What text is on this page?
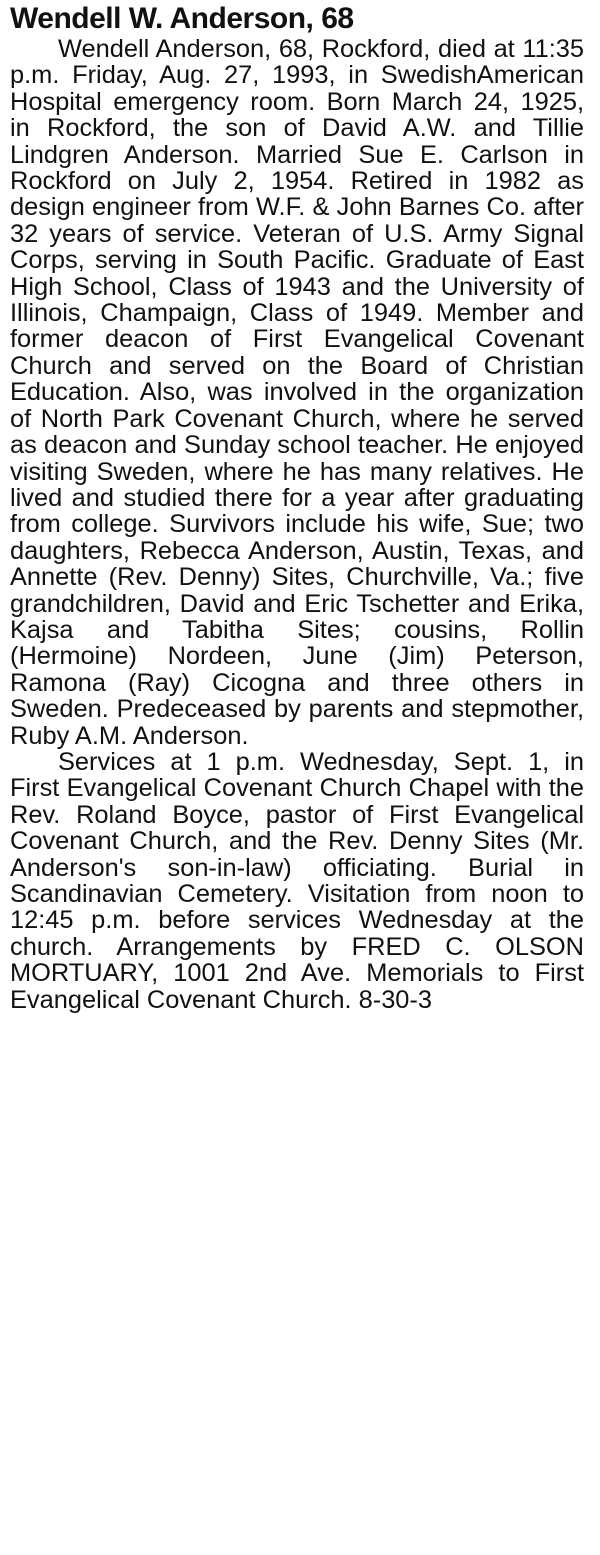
Wendell W. Anderson, 68

Wendell Anderson, 68, Rockford, died at 11:35 p.m. Friday, Aug. 27, 1993, in SwedishAmerican Hospital emergency room. Born March 24, 1925, in Rockford, the son of David A.W. and Tillie Lindgren Anderson. Married Sue E. Carlson in Rockford on July 2, 1954. Retired in 1982 as design engineer from W.F. & John Barnes Co. after 32 years of service. Veteran of U.S. Army Signal Corps, serving in South Pacific. Graduate of East High School, Class of 1943 and the University of Illinois, Champaign, Class of 1949. Member and former deacon of First Evangelical Covenant Church and served on the Board of Christian Education. Also, was involved in the organization of North Park Covenant Church, where he served as deacon and Sunday school teacher. He enjoyed visiting Sweden, where he has many relatives. He lived and studied there for a year after graduating from college. Survivors include his wife, Sue; two daughters, Rebecca Anderson, Austin, Texas, and Annette (Rev. Denny) Sites, Churchville, Va.; five grandchildren, David and Eric Tschetter and Erika, Kajsa and Tabitha Sites; cousins, Rollin (Hermoine) Nordeen, June (Jim) Peterson, Ramona (Ray) Cicogna and three others in Sweden. Predeceased by parents and stepmother, Ruby A.M. Anderson.

Services at 1 p.m. Wednesday, Sept. 1, in First Evangelical Covenant Church Chapel with the Rev. Roland Boyce, pastor of First Evangelical Covenant Church, and the Rev. Denny Sites (Mr. Anderson's son-in-law) officiating. Burial in Scandinavian Cemetery. Visitation from noon to 12:45 p.m. before services Wednesday at the church. Arrangements by FRED C. OLSON MORTUARY, 1001 2nd Ave. Memorials to First Evangelical Covenant Church. 8-30-3
